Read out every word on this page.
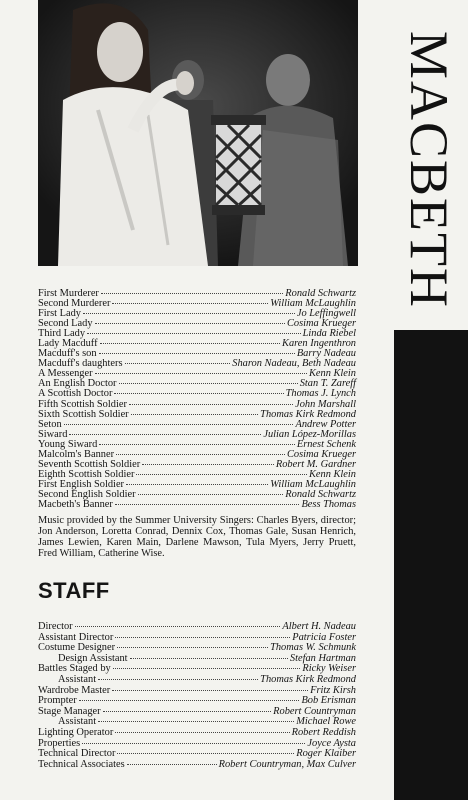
MACBETH
First Murderer	Ronald Schwartz
Second Murderer	William McLaughlin
First Lady	Jo Leffingwell
Second Lady	Cosima Krueger
Third Lady	Linda Riebel
Lady Macduff	Karen Ingenthron
Macduff's son	Barry Nadeau
Macduff's daughters	Sharon Nadeau, Beth Nadeau
A Messenger	Kenn Klein
An English Doctor	Stan T. Zareff
A Scottish Doctor	Thomas J. Lynch
Fifth Scottish Soldier	John Marshall
Sixth Scottish Soldier	Thomas Kirk Redmond
Seton	Andrew Potter
Siward	Julian López-Morillas
Young Siward	Ernest Schenk
Malcolm's Banner	Cosima Krueger
Seventh Scottish Soldier	Robert M. Gardner
Eighth Scottish Soldier	Kenn Klein
First English Soldier	William McLaughlin
Second English Soldier	Ronald Schwartz
Macbeth's Banner	Bess Thomas
Music provided by the Summer University Singers: Charles Byers, director; Jon Anderson, Loretta Conrad, Dennix Cox, Thomas Gale, Susan Henrich, James Lewien, Karen Main, Darlene Mawson, Tula Myers, Jerry Pruett, Fred William, Catherine Wise.
STAFF
Director	Albert H. Nadeau
Assistant Director	Patricia Foster
Costume Designer	Thomas W. Schmunk
Design Assistant	Stefan Hartman
Battles Staged by	Ricky Weiser
Assistant	Thomas Kirk Redmond
Wardrobe Master	Fritz Kirsh
Prompter	Bob Erisman
Stage Manager	Robert Countryman
Assistant	Michael Rowe
Lighting Operator	Robert Reddish
Properties	Joyce Aysta
Technical Director	Roger Klaiber
Technical Associates	Robert Countryman, Max Culver
